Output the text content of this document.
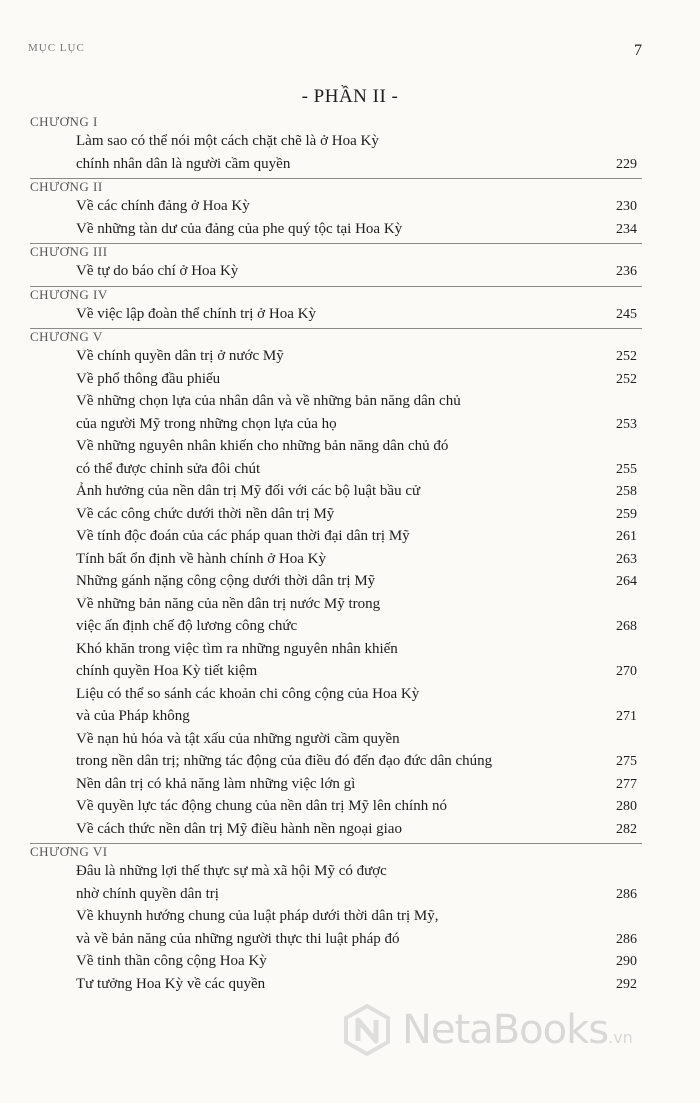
MỤC LỤC	7
- PHẦN II -
CHƯƠNG I
Làm sao có thể nói một cách chặt chẽ là ở Hoa Kỳ
chính nhân dân là người cầm quyền	229
CHƯƠNG II
Về các chính đảng ở Hoa Kỳ	230
Về những tàn dư của đảng của phe quý tộc tại Hoa Kỳ	234
CHƯƠNG III
Về tự do báo chí ở Hoa Kỳ	236
CHƯƠNG IV
Về việc lập đoàn thể chính trị ở Hoa Kỳ	245
CHƯƠNG V
Về chính quyền dân trị ở nước Mỹ	252
Về phổ thông đầu phiếu	252
Về những chọn lựa của nhân dân và về những bản năng dân chủ
của người Mỹ trong những chọn lựa của họ	253
Về những nguyên nhân khiến cho những bản năng dân chủ đó
có thể được chỉnh sửa đôi chút	255
Ảnh hưởng của nền dân trị Mỹ đối với các bộ luật bầu cử	258
Về các công chức dưới thời nền dân trị Mỹ	259
Về tính độc đoán của các pháp quan thời đại dân trị Mỹ	261
Tính bất ổn định về hành chính ở Hoa Kỳ	263
Những gánh nặng công cộng dưới thời dân trị Mỹ	264
Về những bản năng của nền dân trị nước Mỹ trong
việc ấn định chế độ lương công chức	268
Khó khăn trong việc tìm ra những nguyên nhân khiến
chính quyền Hoa Kỳ tiết kiệm	270
Liệu có thể so sánh các khoản chi công cộng của Hoa Kỳ
và của Pháp không	271
Về nạn hủ hóa và tật xấu của những người cầm quyền
trong nền dân trị; những tác động của điều đó đến đạo đức dân chúng	275
Nền dân trị có khả năng làm những việc lớn gì	277
Về quyền lực tác động chung của nền dân trị Mỹ lên chính nó	280
Về cách thức nền dân trị Mỹ điều hành nền ngoại giao	282
CHƯƠNG VI
Đâu là những lợi thế thực sự mà xã hội Mỹ có được
nhờ chính quyền dân trị	286
Về khuynh hướng chung của luật pháp dưới thời dân trị Mỹ,
và về bản năng của những người thực thi luật pháp đó	286
Về tinh thần công cộng Hoa Kỳ	290
Tư tưởng Hoa Kỳ về các quyền	292
NetaBooks.vn
